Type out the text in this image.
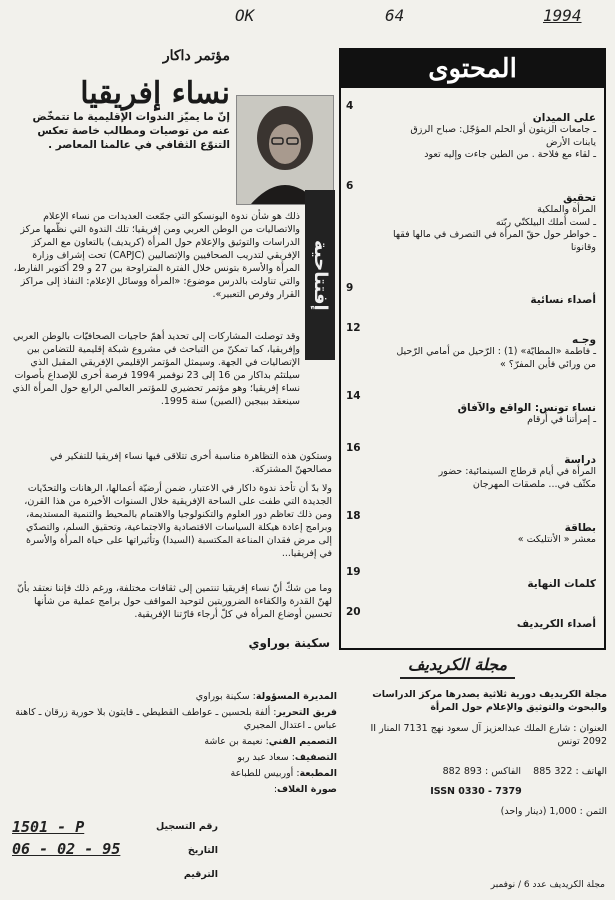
OK	64	1994
المحتوى
4
على الميدان
ـ جامعات الزيتون أو الحلم المؤجّل: صباح الرزق
يابنات الأرض
ـ لقاء مع فلاحة . من الطين جاءت وإليه تعود
6
تحقيق
المرأة والملكية
ـ لست أملك البيلكتّي ربّته
ـ خواطر حول حقّ المرأة في التصرف في مالها فقها
وقانونا
9
أصداء نسائية
12
وجـه
ـ فاطمة «المطايّة» (1) : الرّحيل من أمامي الرّحيل
من ورائي فأين المفرّ؟ »
14
نساء تونس: الواقع والآفاق
ـ إمرأتنا في أرقام
16
دراسة
المرأة في أيام قرطاج السينمائية: حضور
مكثّف في... ملصقات المهرجان
18
بطاقة
معشر « الأنتليكت »
19
كلمات النهاية
20
أصداء الكريديف
مؤتمر داكار
نساء إفريقيا
إنّ ما يميّز الندوات الإقليمية ما تتمخّض عنه من توصيات ومطالب خاصة تعكس التنوّع الثقافي في عالمنا المعاصر .
إفتتاحية
ذلك هو شأن ندوة اليونسكو التي جمّعت العديدات من نساء الإعلام والاتصاليات من الوطن العربي ومن إفريقيا؛ تلك الندوة التي نظّمها مركز الدراسات والتوثيق والإعلام حول المرأة (كريديف) بالتعاون مع المركز الإفريقي لتدريب الصحافيين والإتصاليين (CAPJC) تحت إشراف وزارة المرأة والأسرة بتونس خلال الفترة المتراوحة بين 27 و 29 أكتوبر الفارط، والتي تناولت بالدرس موضوع: «المرأة ووسائل الإعلام: النفاذ إلى مراكز القرار وفرص التعبير».
وقد توصلت المشاركات إلى تحديد أهمّ حاجيات الصحافيّات بالوطن العربي وإفريقيا، كما تمكنّ من التباحث في مشروع شبكة إقليمية للتضامن بين الإتصاليات في الجهة. وسيمثل المؤتمر الإقليمي الإفريقي المقبل الذي سيلتئم بداكار من 16 إلى 23 نوفمبر 1994 فرصة أخرى للإصداع بأصوات نساء إفريقيا؛ وهو مؤتمر تحضيري للمؤتمر العالمي الرابع حول المرأة الذي سينعقد ببيجين (الصين) سنة 1995.
وستكون هذه التظاهرة مناسبة أخرى تتلاقى فيها نساء إفريقيا للتفكير في مصالحهنّ المشتركة.
ولا بدّ أن تأخذ ندوة داكار في الاعتبار، ضمن أرضيّة أعمالها، الرهانات والتحدّيات الجديدة التي طفت على الساحة الإفريقية خلال السنوات الأخيرة من هذا القرن، ومن ذلك تعاظم دور العلوم والتكنولوجيا والاهتمام بالمحيط والتنمية المستديمة، وبرامج إعادة هيكلة السياسات الاقتصادية والاجتماعية، وتحقيق السلم، والتصدّي إلى مرض فقدان المناعة المكتسبة (السيدا) وتأثيراتها على حياة المرأة والأسرة في إفريقيا...
وما من شكّ أنّ نساء إفريقيا تنتمين إلى ثقافات مختلفة، ورغم ذلك فإننا نعتقد بأنّ لهنّ القدرة والكفاءة الضروريتين لتوحيد المواقف حول برامج عملية من شأنها تحسين أوضاع المرأة في كلّ أرجاء قارّتنا الإفريقية.
سكينة بوراوي
مجلة الكريديف
مجلة الكريديف دورية ثلاثية يصدرها مركز الدراسات والبحوث والتوثيق والإعلام حول المرأة
العنوان : شارع الملك عبدالعزيز آل سعود نهج 7131 المنار II 2092 تونس
الهاتف : 322 885    الفاكس : 893 882
ISSN 0330 - 7379
الثمن : 1,000 (دينار واحد)
المديرة المسؤولة: سكينة بوراوي
فريق التحرير: ألفة بلحسين ـ عواطف القطيطي ـ قايتون بلا حورية زرقان ـ كاهنة عباس ـ اعتدال المجيري
التصميم الفني: نعيمة بن عاشة
التصفيف: سعاد عبد ربو
المطبعة: أوربيس للطباعة
صورة الغلاف:
رقم التسجيل
1501 - P
التاريخ
06 - 02 - 95
الترقيم
مجلة الكريديف عدد 6 / نوفمبر
